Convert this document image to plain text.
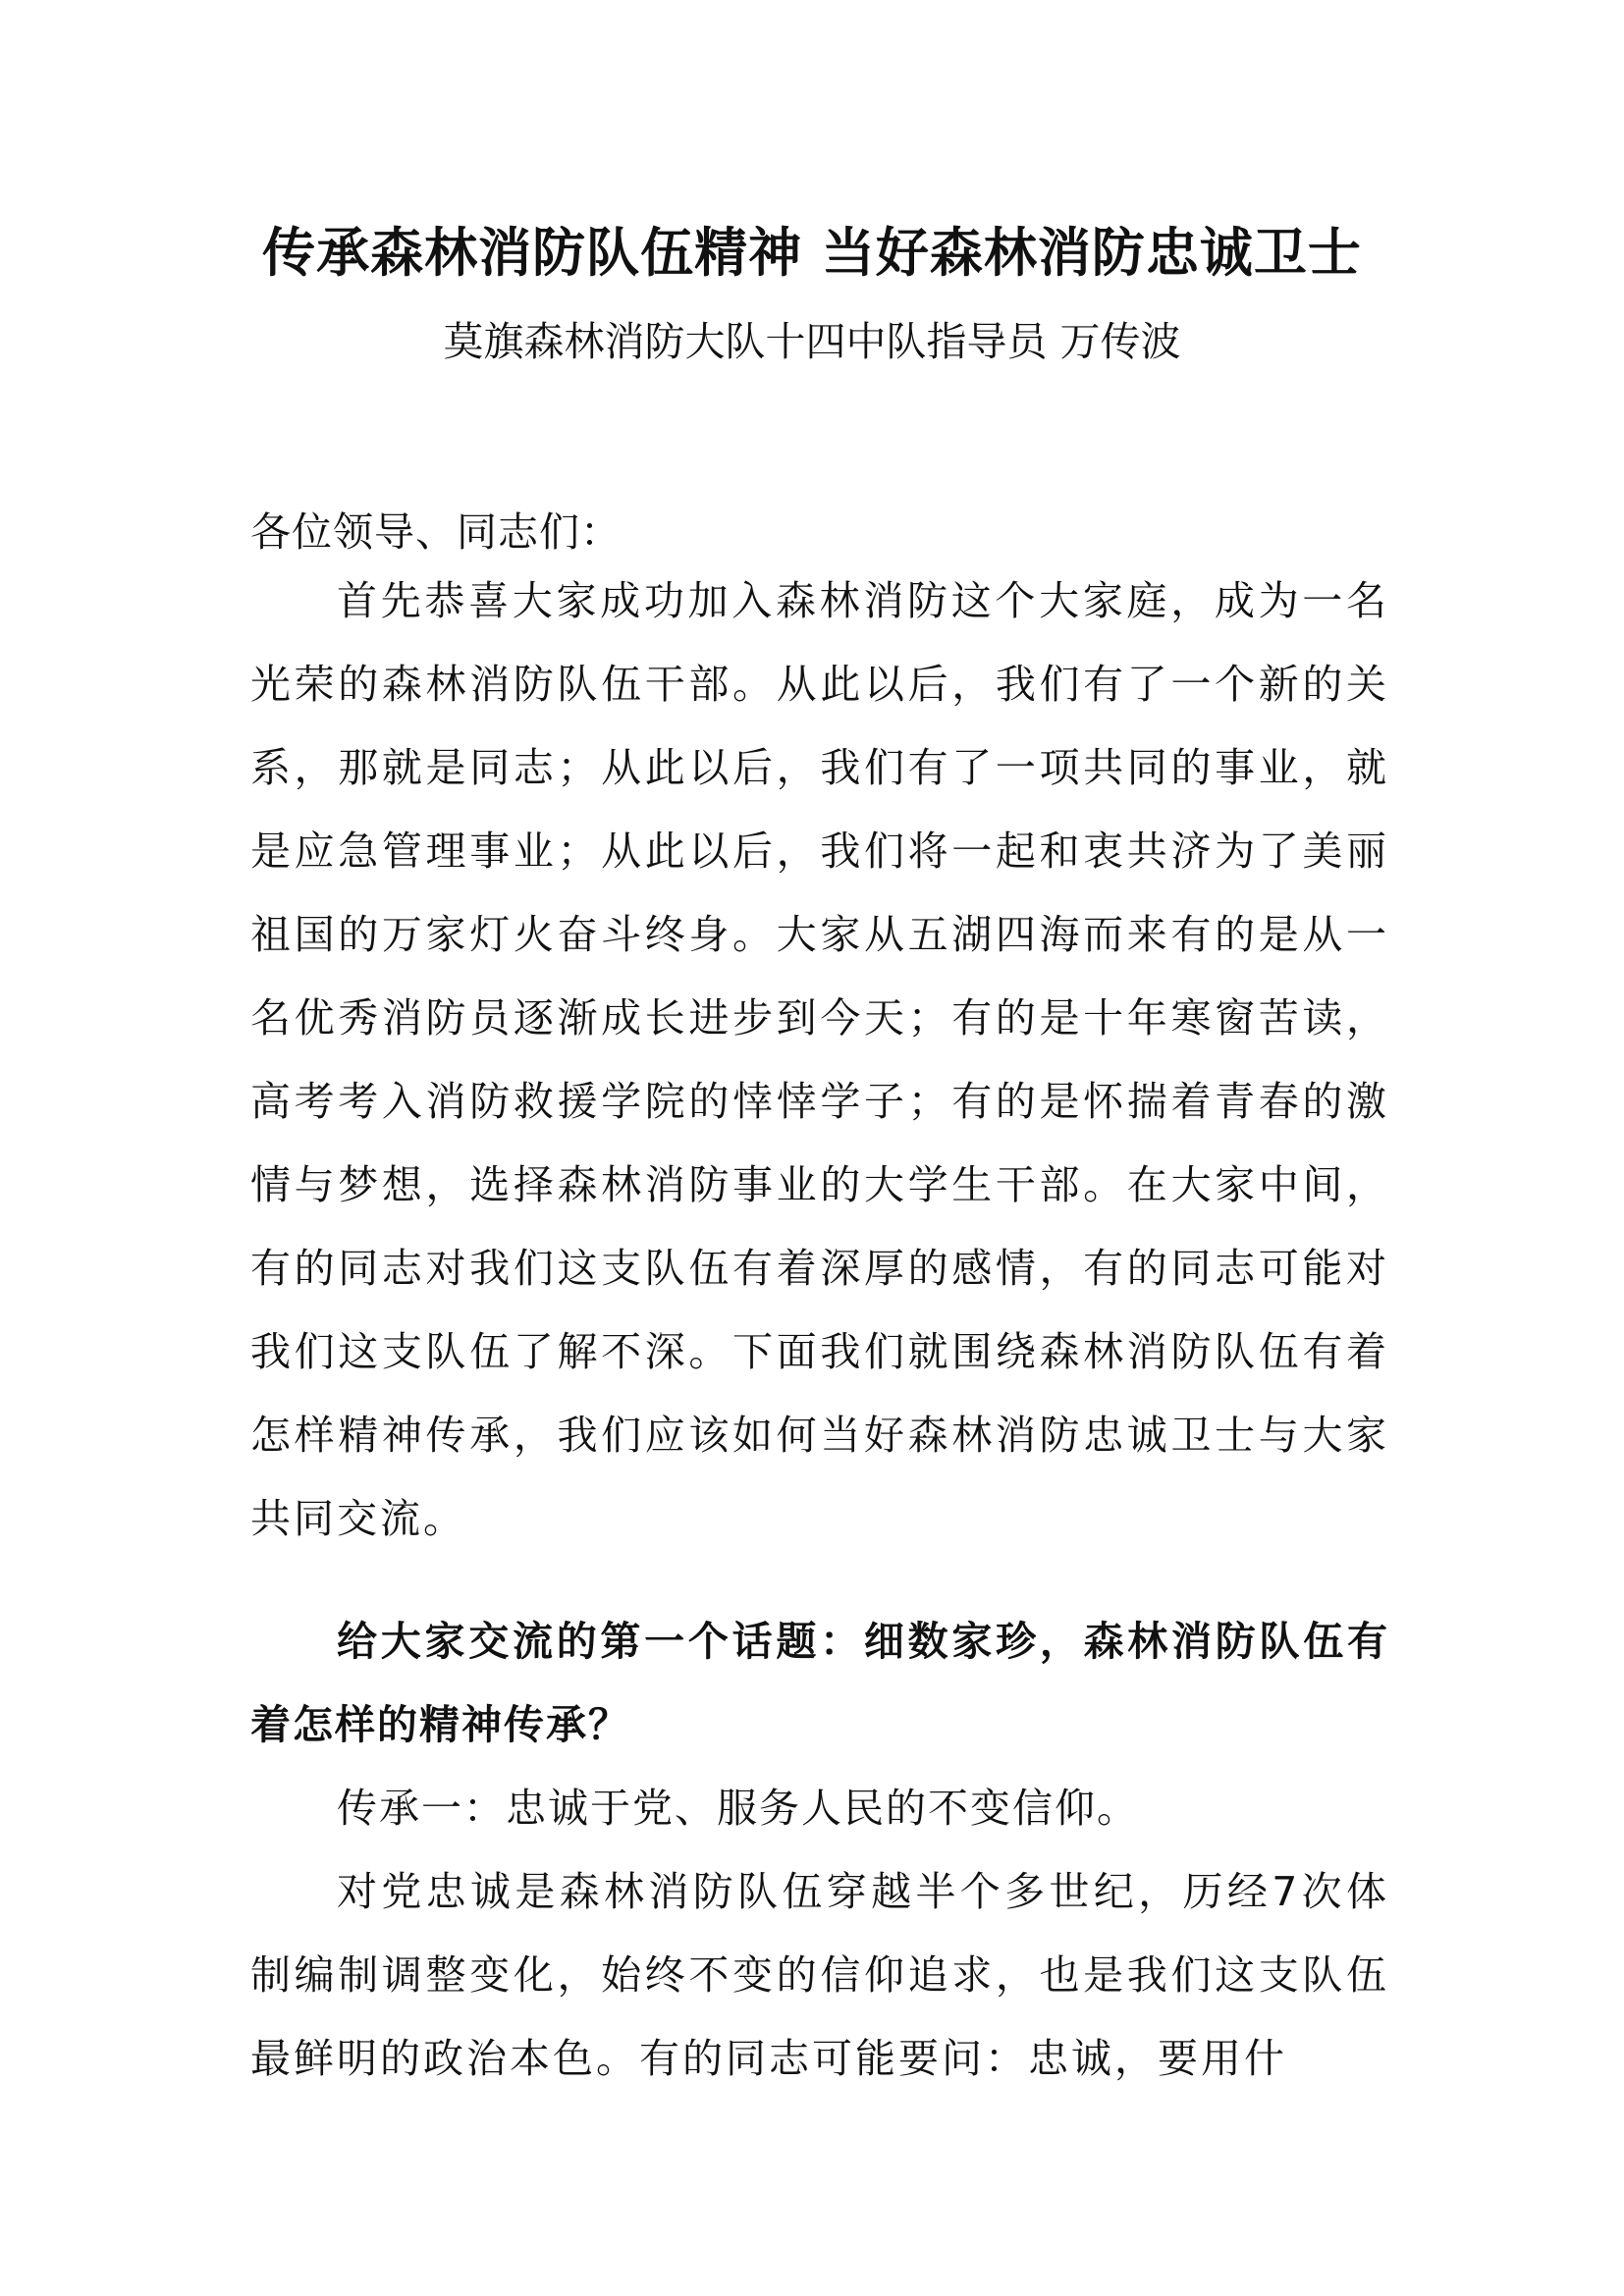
传承森林消防队伍精神 当好森林消防忠诚卫士
莫旗森林消防大队十四中队指导员 万传波

各位领导、同志们：

首先恭喜大家成功加入森林消防这个大家庭，成为一名光荣的森林消防队伍干部。从此以后，我们有了一个新的关系，那就是同志；从此以后，我们有了一项共同的事业，就是应急管理事业；从此以后，我们将一起和衷共济为了美丽祖国的万家灯火奋斗终身。大家从五湖四海而来有的是从一名优秀消防员逐渐成长进步到今天；有的是十年寒窗苦读，高考考入消防救援学院的悻悻学子；有的是怀揣着青春的激情与梦想，选择森林消防事业的大学生干部。在大家中间，有的同志对我们这支队伍有着深厚的感情，有的同志可能对我们这支队伍了解不深。下面我们就围绕森林消防队伍有着怎样精神传承，我们应该如何当好森林消防忠诚卫士与大家共同交流。

给大家交流的第一个话题：细数家珍，森林消防队伍有着怎样的精神传承？

传承一：忠诚于党、服务人民的不变信仰。

对党忠诚是森林消防队伍穿越半个多世纪，历经7次体制编制调整变化，始终不变的信仰追求，也是我们这支队伍最鲜明的政治本色。有的同志可能要问：忠诚，要用什
